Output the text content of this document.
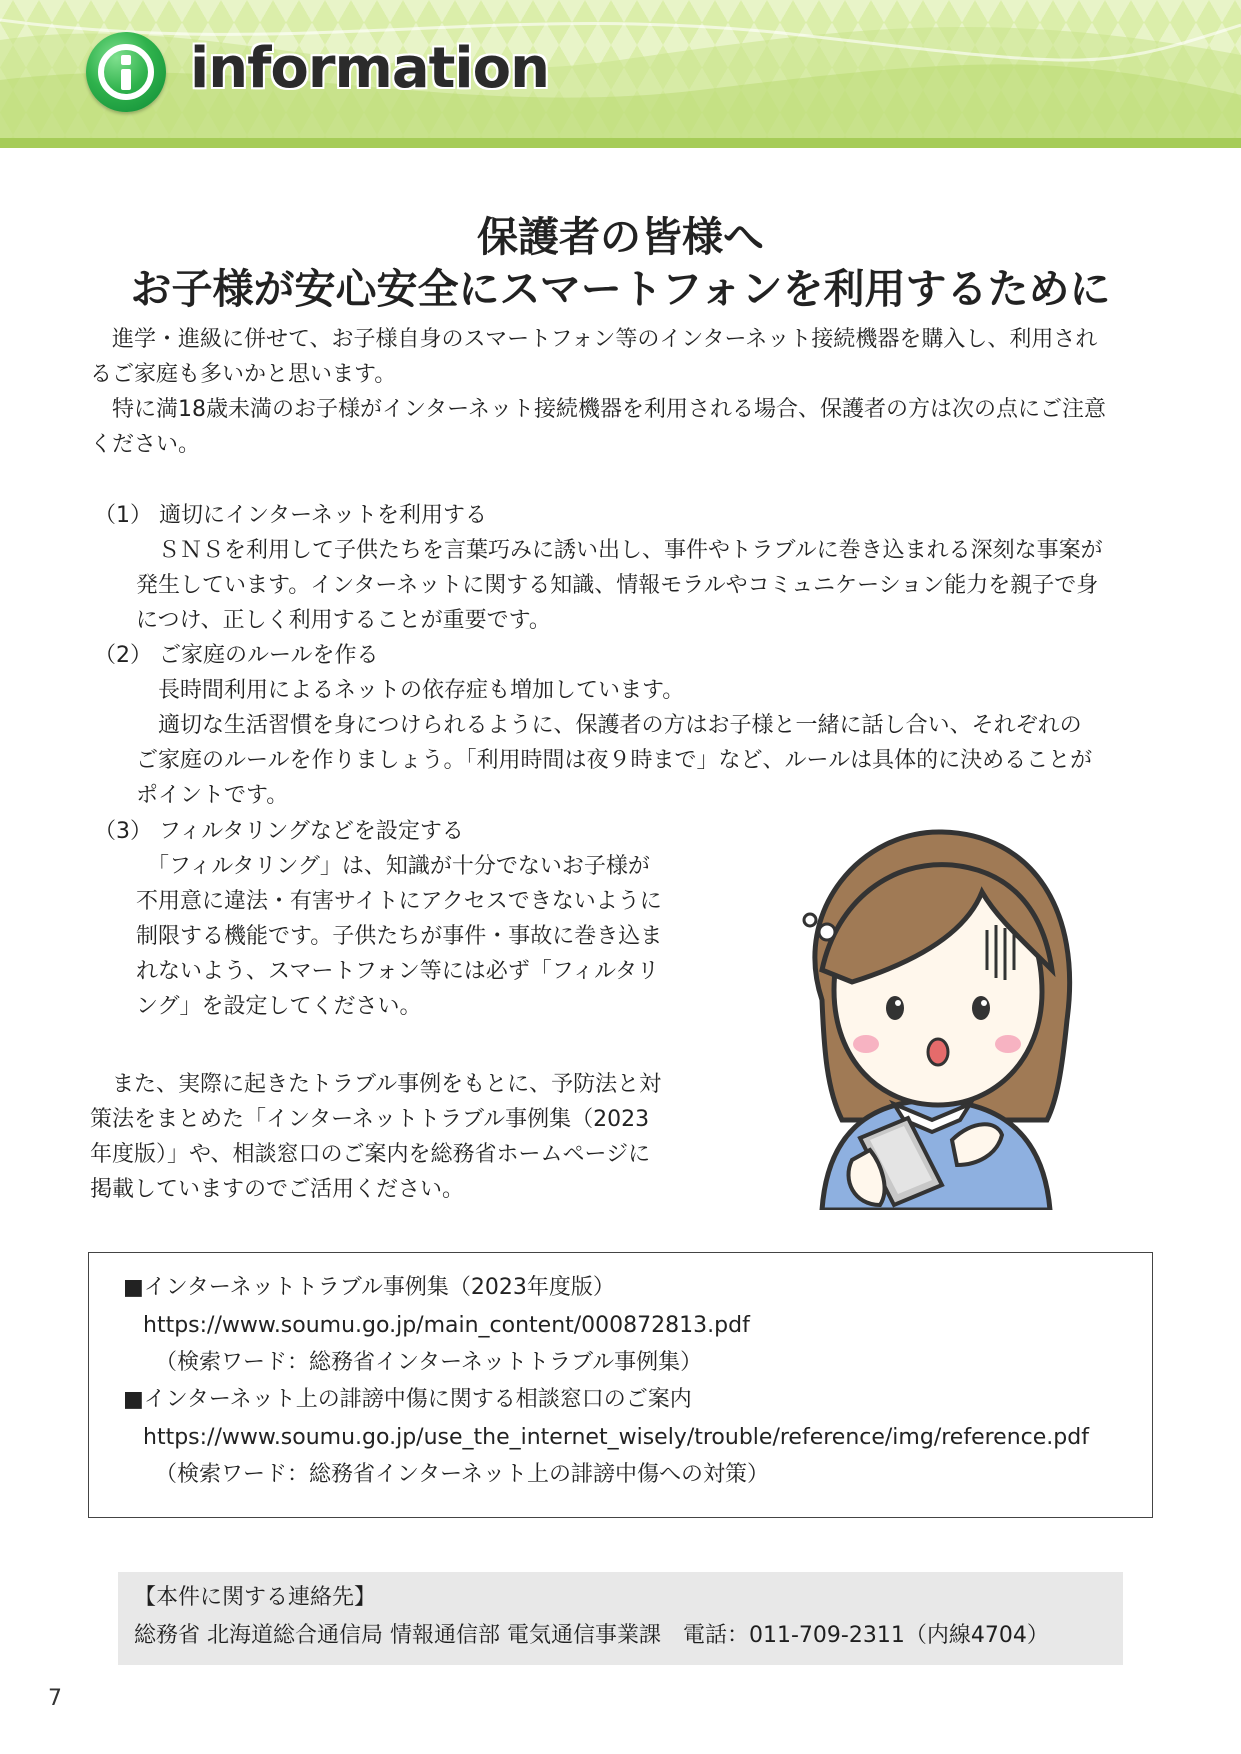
information
保護者の皆様へ
お子様が安心安全にスマートフォンを利用するために
　進学・進級に併せて、お子様自身のスマートフォン等のインターネット接続機器を購入し、利用され
るご家庭も多いかと思います。
　特に満18歳未満のお子様がインターネット接続機器を利用される場合、保護者の方は次の点にご注意
ください。
（1） 適切にインターネットを利用する
　ＳＮＳを利用して子供たちを言葉巧みに誘い出し、事件やトラブルに巻き込まれる深刻な事案が
発生しています。インターネットに関する知識、情報モラルやコミュニケーション能力を親子で身
につけ、正しく利用することが重要です。
（2） ご家庭のルールを作る
　長時間利用によるネットの依存症も増加しています。
　適切な生活習慣を身につけられるように、保護者の方はお子様と一緒に話し合い、それぞれの
ご家庭のルールを作りましょう。「利用時間は夜９時まで」など、ルールは具体的に決めることが
ポイントです。
（3） フィルタリングなどを設定する
　「フィルタリング」は、知識が十分でないお子様が
不用意に違法・有害サイトにアクセスできないように
制限する機能です。子供たちが事件・事故に巻き込ま
れないよう、スマートフォン等には必ず「フィルタリ
ング」を設定してください。
　また、実際に起きたトラブル事例をもとに、予防法と対
策法をまとめた「インターネットトラブル事例集（2023
年度版）」や、相談窓口のご案内を総務省ホームページに
掲載していますのでご活用ください。
■インターネットトラブル事例集（2023年度版）
https://www.soumu.go.jp/main_content/000872813.pdf
（検索ワード：総務省インターネットトラブル事例集）
■インターネット上の誹謗中傷に関する相談窓口のご案内
https://www.soumu.go.jp/use_the_internet_wisely/trouble/reference/img/reference.pdf
（検索ワード：総務省インターネット上の誹謗中傷への対策）
【本件に関する連絡先】
総務省 北海道総合通信局 情報通信部 電気通信事業課　電話：011-709-2311（内線4704）
7
